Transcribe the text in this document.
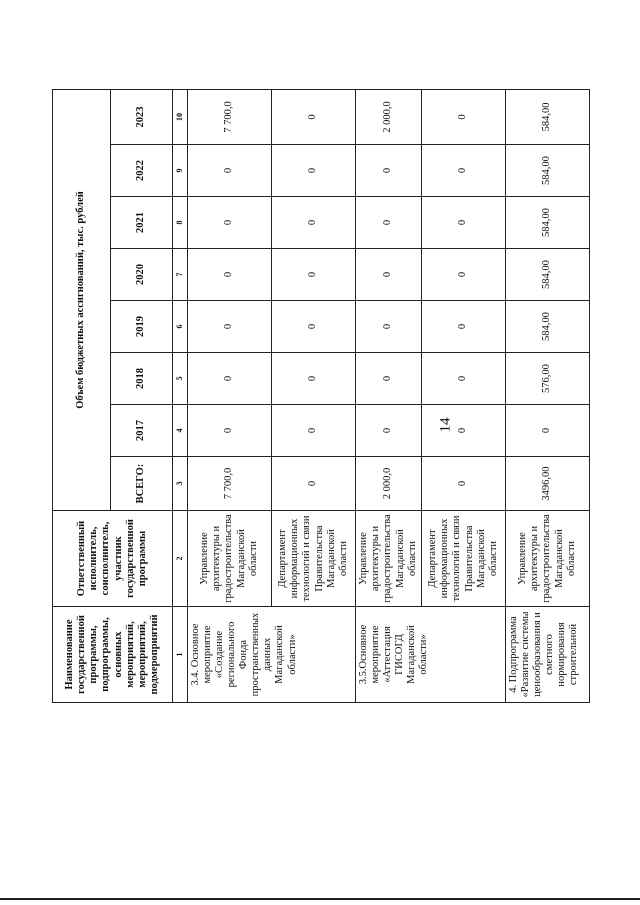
14
Наименование государственной программы, подпрограммы, основных мероприятий, мероприятий, подмероприятий	Ответственный исполнитель, соисполнитель, участник государственной программы	Объем бюджетных ассигнований, тыс. рублей							
		ВСЕГО:	2017	2018	2019	2020	2021	2022	2023
1	2	3	4	5	6	7	8	9	10
3.4. Основное мероприятие «Создание регионального Фонда пространственных данных Магаданской области»	Управление архитектуры и градостроительства Магаданской области	7 700,0	0	0	0	0	0	0	7 700,0
	Департамент информационных технологий и связи Правительства Магаданской области	0	0	0	0	0	0	0	0
3.5.Основное мероприятие «Аттестация ГИСОГД Магаданской области»	Управление архитектуры и градостроительства Магаданской области	2 000,0	0	0	0	0	0	0	2 000,0
	Департамент информационных технологий и связи Правительства Магаданской области	0	0	0	0	0	0	0	0
4. Подпрограмма «Развитие системы ценообразования и сметного нормирования строительной	Управление архитектуры и градостроительства Магаданской области	3496,00	0	576,00	584,00	584,00	584,00	584,00	584,00
